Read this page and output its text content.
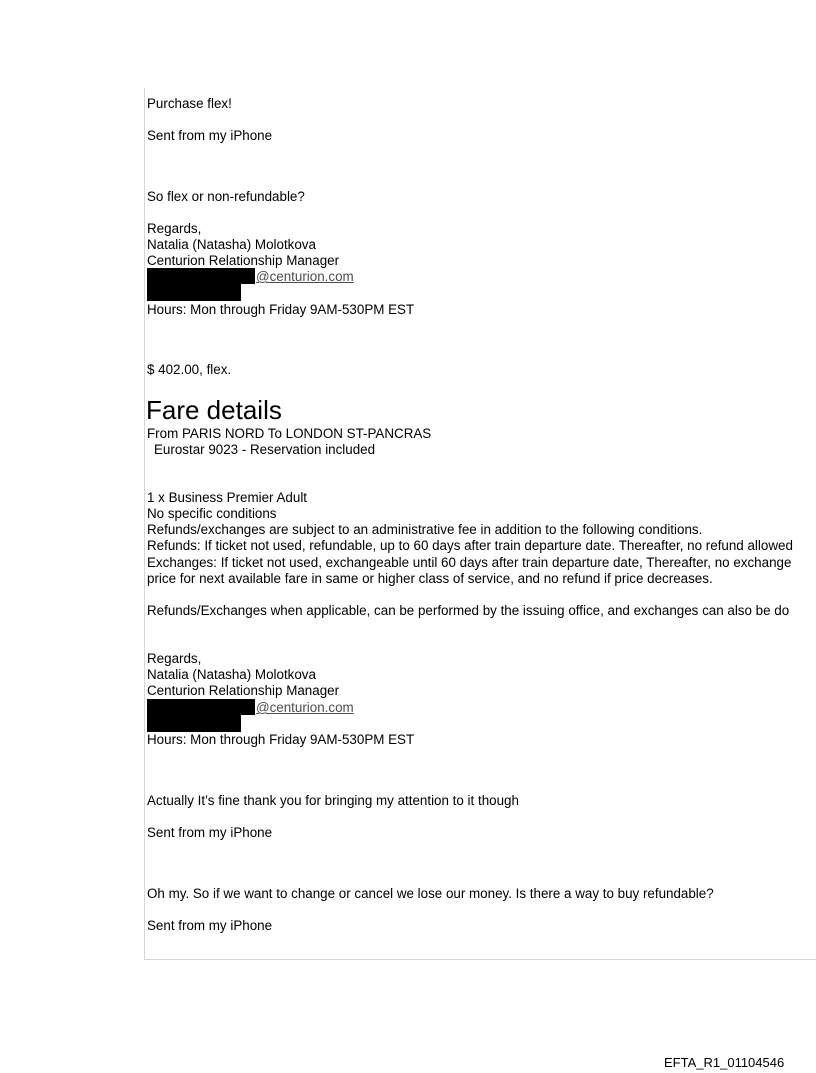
Purchase flex!
Sent from my iPhone
So flex or non-refundable?
Regards,
Natalia (Natasha) Molotkova
Centurion Relationship Manager
@centurion.com
Hours: Mon through Friday 9AM-530PM EST
$ 402.00, flex.
Fare details
From PARIS NORD To LONDON ST-PANCRAS
Eurostar 9023 - Reservation included
1 x Business Premier Adult
No specific conditions
Refunds/exchanges are subject to an administrative fee in addition to the following conditions.
Refunds: If ticket not used, refundable, up to 60 days after train departure date. Thereafter, no refund allowed
Exchanges: If ticket not used, exchangeable until 60 days after train departure date, Thereafter, no exchange
price for next available fare in same or higher class of service, and no refund if price decreases.
Refunds/Exchanges when applicable, can be performed by the issuing office, and exchanges can also be do
Regards,
Natalia (Natasha) Molotkova
Centurion Relationship Manager
@centurion.com
Hours: Mon through Friday 9AM-530PM EST
Actually It’s fine thank you for bringing my attention to it though
Sent from my iPhone
Oh my. So if we want to change or cancel we lose our money. Is there a way to buy refundable?
Sent from my iPhone
EFTA_R1_01104546
